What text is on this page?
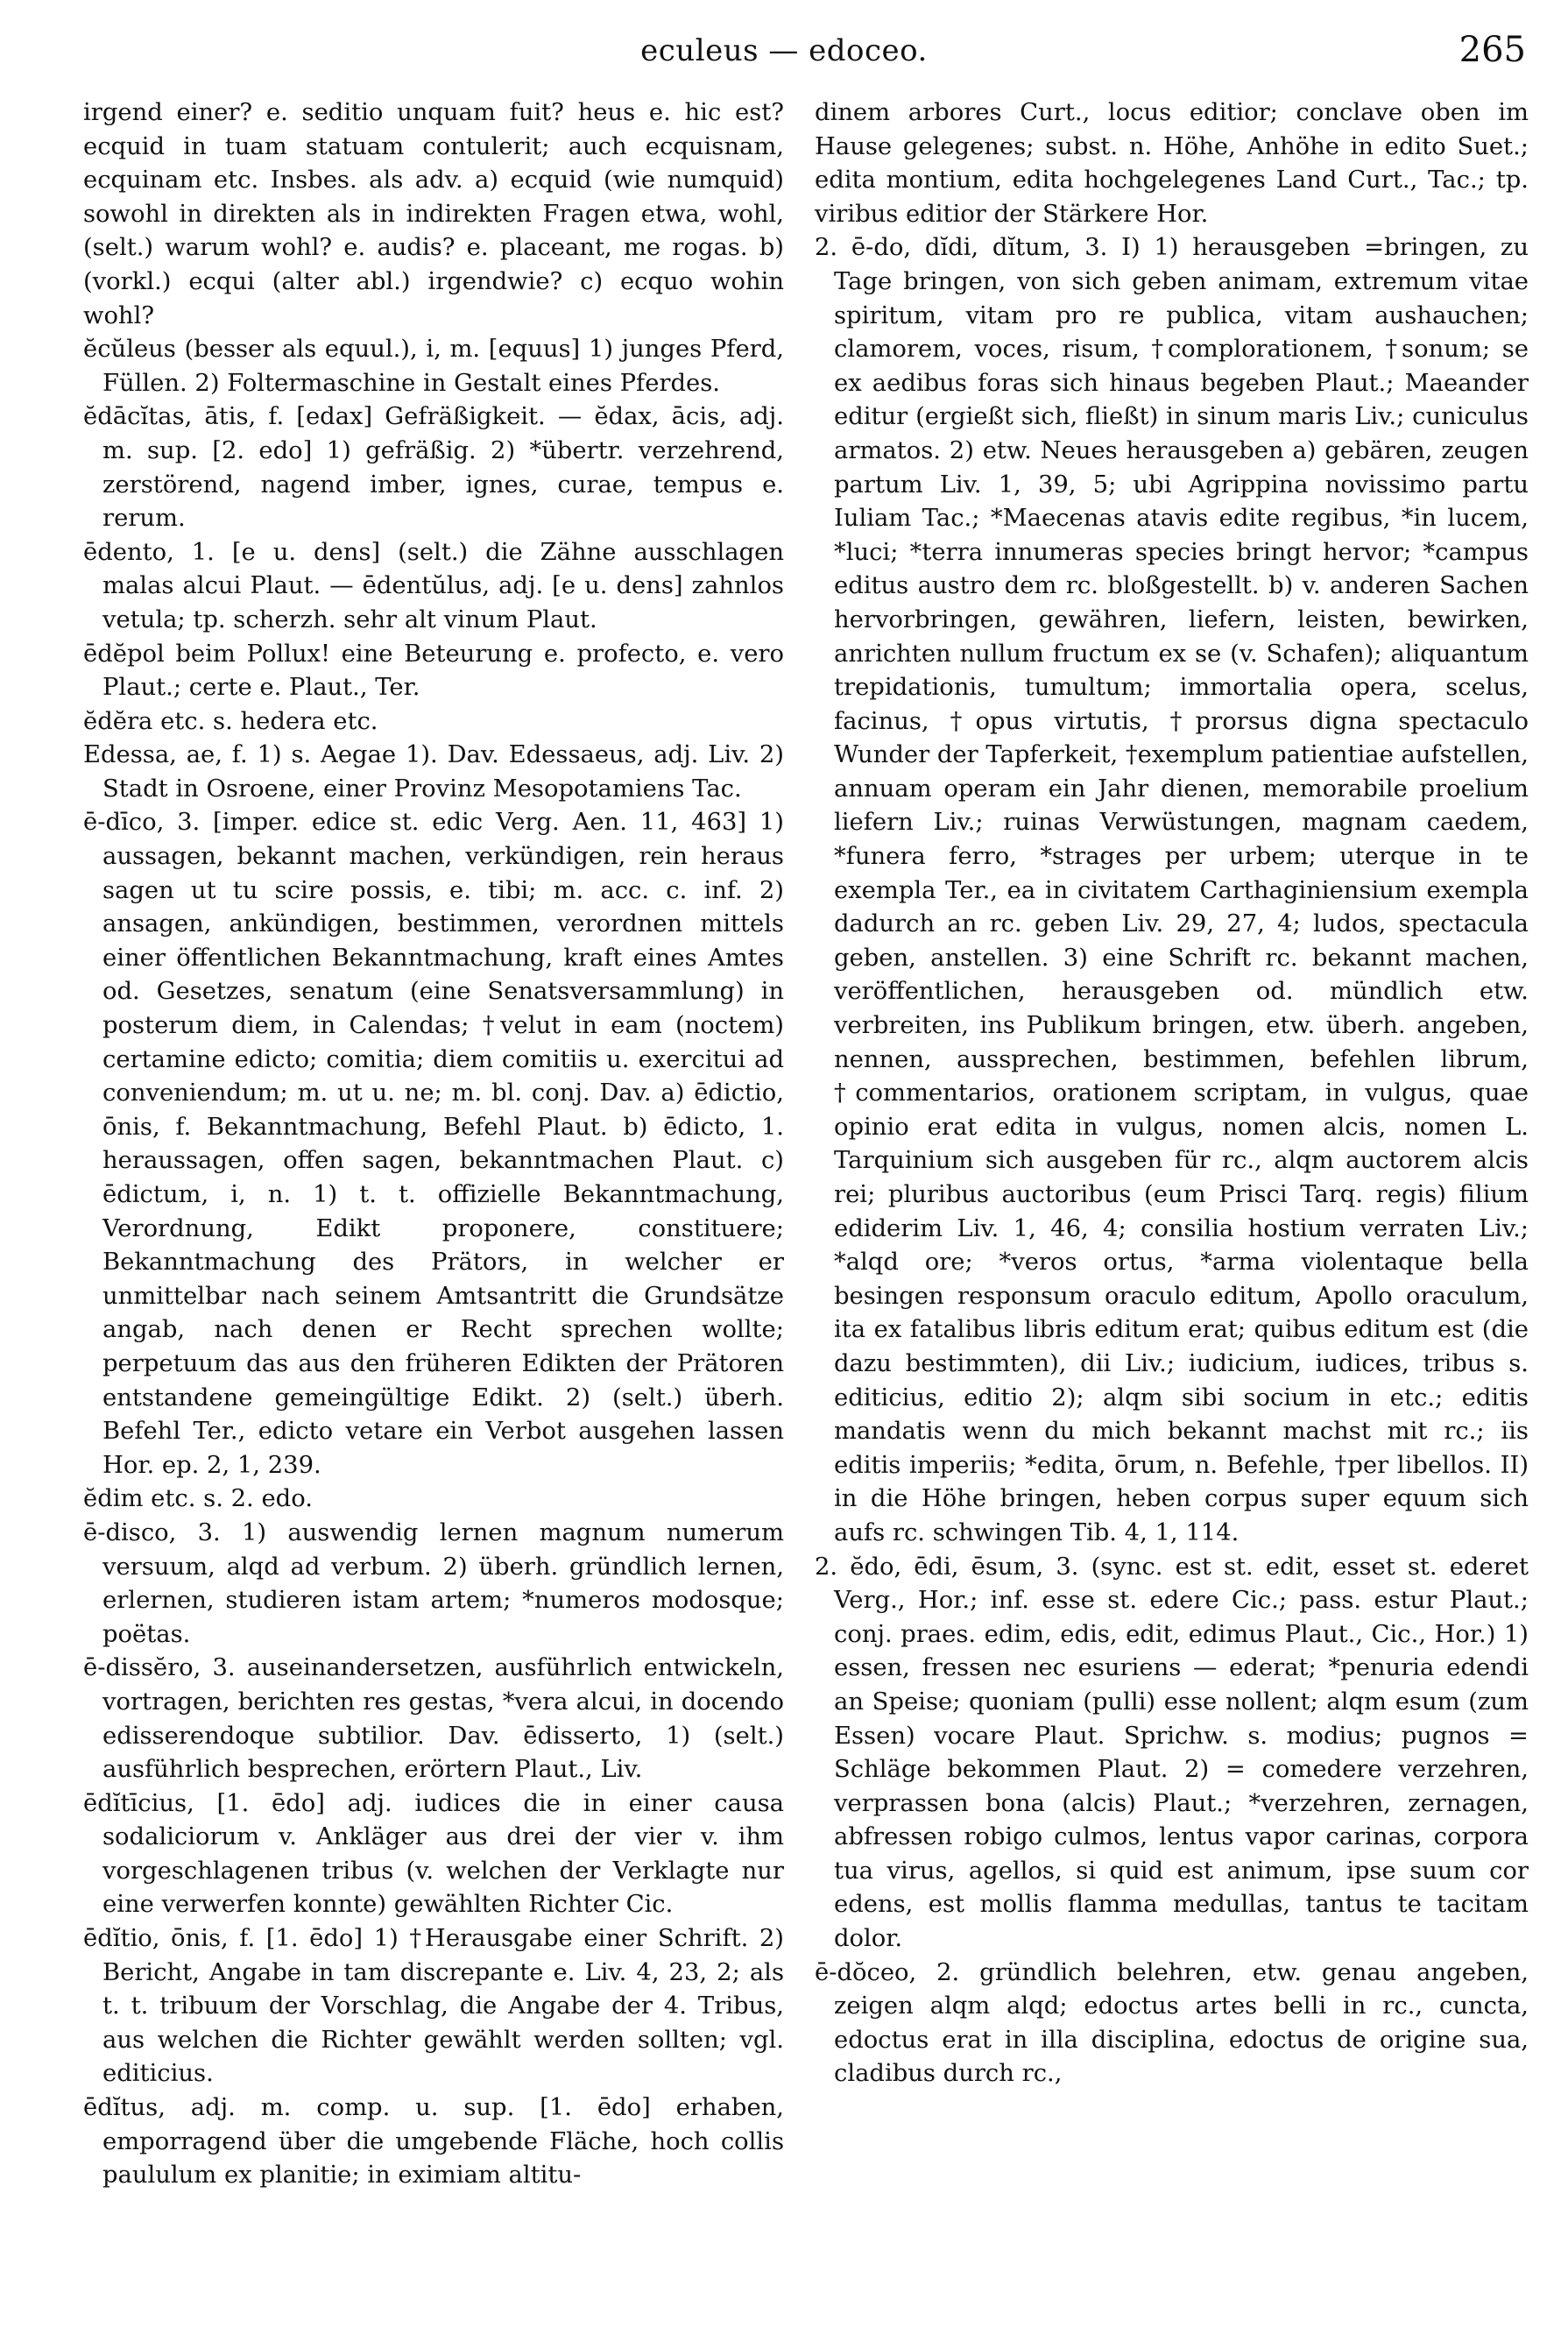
eculeus — edoceo.	265

irgend einer? e. seditio unquam fuit? heus e. hic est? ecquid in tuam statuam contulerit; auch ecquisnam, ecquinam etc. Insbes. als adv. a) ecquid (wie numquid) sowohl in direkten als in indirekten Fragen etwa, wohl, (selt.) warum wohl? e. audis? e. placeant, me rogas. b) (vorkl.) ecqui (alter abl.) irgendwie? c) ecquo wohin wohl?

ĕcŭleus (besser als equul.), i, m. [equus] 1) junges Pferd, Füllen. 2) Foltermaschine in Gestalt eines Pferdes.

ĕdācĭtas, ātis, f. [edax] Gefräßigkeit. — ĕdax, ācis, adj. m. sup. [2. edo] 1) gefräßig. 2) *übertr. verzehrend, zerstörend, nagend imber, ignes, curae, tempus e. rerum.

ēdento, 1. [e u. dens] (selt.) die Zähne ausschlagen malas alcui Plaut. — ēdentŭlus, adj. [e u. dens] zahnlos vetula; tp. scherzh. sehr alt vinum Plaut.

ēdĕpol beim Pollux! eine Beteurung e. profecto, e. vero Plaut.; certe e. Plaut., Ter.

ĕdĕra etc. s. hedera etc.

Edessa, ae, f. 1) s. Aegae 1). Dav. Edessaeus, adj. Liv. 2) Stadt in Osroene, einer Provinz Mesopotamiens Tac.

ē-dīco, 3. [imper. edice st. edic Verg. Aen. 11, 463] 1) aussagen, bekannt machen, verkündigen, rein heraus sagen ut tu scire possis, e. tibi; m. acc. c. inf. 2) ansagen, ankündigen, bestimmen, verordnen mittels einer öffentlichen Bekanntmachung, kraft eines Amtes od. Gesetzes, senatum (eine Senatsversammlung) in posterum diem, in Calendas; †velut in eam (noctem) certamine edicto; comitia; diem comitiis u. exercitui ad conveniendum; m. ut u. ne; m. bl. conj. Dav. a) ēdictio, ōnis, f. Bekanntmachung, Befehl Plaut. b) ēdicto, 1. heraussagen, offen sagen, bekanntmachen Plaut. c) ēdictum, i, n. 1) t. t. offizielle Bekanntmachung, Verordnung, Edikt proponere, constituere; Bekanntmachung des Prätors, in welcher er unmittelbar nach seinem Amtsantritt die Grundsätze angab, nach denen er Recht sprechen wollte; perpetuum das aus den früheren Edikten der Prätoren entstandene gemeingültige Edikt. 2) (selt.) überh. Befehl Ter., edicto vetare ein Verbot ausgehen lassen Hor. ep. 2, 1, 239.

ĕdim etc. s. 2. edo.

ē-disco, 3. 1) auswendig lernen magnum numerum versuum, alqd ad verbum. 2) überh. gründlich lernen, erlernen, studieren istam artem; *numeros modosque; poëtas.

ē-dissĕro, 3. auseinandersetzen, ausführlich entwickeln, vortragen, berichten res gestas, *vera alcui, in docendo edisserendoque subtilior. Dav. ēdisserto, 1) (selt.) ausführlich besprechen, erörtern Plaut., Liv.

ēdĭtīcius, [1. ēdo] adj. iudices die in einer causa sodaliciorum v. Ankläger aus drei der vier v. ihm vorgeschlagenen tribus (v. welchen der Verklagte nur eine verwerfen konnte) gewählten Richter Cic.

ēdĭtio, ōnis, f. [1. ēdo] 1) †Herausgabe einer Schrift. 2) Bericht, Angabe in tam discrepante e. Liv. 4, 23, 2; als t. t. tribuum der Vorschlag, die Angabe der 4. Tribus, aus welchen die Richter gewählt werden sollten; vgl. editicius.

ēdĭtus, adj. m. comp. u. sup. [1. ēdo] erhaben, emporragend über die umgebende Fläche, hoch collis paululum ex planitie; in eximiam altitu-

dinem arbores Curt., locus editior; conclave oben im Hause gelegenes; subst. n. Höhe, Anhöhe in edito Suet.; edita montium, edita hochgelegenes Land Curt., Tac.; tp. viribus editior der Stärkere Hor.

2. ē-do, dĭdi, dĭtum, 3. I) 1) herausgeben =bringen, zu Tage bringen, von sich geben animam, extremum vitae spiritum, vitam pro re publica, vitam aushauchen; clamorem, voces, risum, †complorationem, †sonum; se ex aedibus foras sich hinaus begeben Plaut.; Maeander editur (ergießt sich, fließt) in sinum maris Liv.; cuniculus armatos. 2) etw. Neues herausgeben a) gebären, zeugen partum Liv. 1, 39, 5; ubi Agrippina novissimo partu Iuliam Tac.; *Maecenas atavis edite regibus, *in lucem, *luci; *terra innumeras species bringt hervor; *campus editus austro dem rc. bloßgestellt. b) v. anderen Sachen hervorbringen, gewähren, liefern, leisten, bewirken, anrichten nullum fructum ex se (v. Schafen); aliquantum trepidationis, tumultum; immortalia opera, scelus, facinus, †opus virtutis, †prorsus digna spectaculo Wunder der Tapferkeit, †exemplum patientiae aufstellen, annuam operam ein Jahr dienen, memorabile proelium liefern Liv.; ruinas Verwüstungen, magnam caedem, *funera ferro, *strages per urbem; uterque in te exempla Ter., ea in civitatem Carthaginiensium exempla dadurch an rc. geben Liv. 29, 27, 4; ludos, spectacula geben, anstellen. 3) eine Schrift rc. bekannt machen, veröffentlichen, herausgeben od. mündlich etw. verbreiten, ins Publikum bringen, etw. überh. angeben, nennen, aussprechen, bestimmen, befehlen librum, †commentarios, orationem scriptam, in vulgus, quae opinio erat edita in vulgus, nomen alcis, nomen L. Tarquinium sich ausgeben für rc., alqm auctorem alcis rei; pluribus auctoribus (eum Prisci Tarq. regis) filium ediderim Liv. 1, 46, 4; consilia hostium verraten Liv.; *alqd ore; *veros ortus, *arma violentaque bella besingen responsum oraculo editum, Apollo oraculum, ita ex fatalibus libris editum erat; quibus editum est (die dazu bestimmten), dii Liv.; iudicium, iudices, tribus s. editicius, editio 2); alqm sibi socium in etc.; editis mandatis wenn du mich bekannt machst mit rc.; iis editis imperiis; *edita, ōrum, n. Befehle, †per libellos. II) in die Höhe bringen, heben corpus super equum sich aufs rc. schwingen Tib. 4, 1, 114.

2. ĕdo, ēdi, ēsum, 3. (sync. est st. edit, esset st. ederet Verg., Hor.; inf. esse st. edere Cic.; pass. estur Plaut.; conj. praes. edim, edis, edit, edimus Plaut., Cic., Hor.) 1) essen, fressen nec esuriens — ederat; *penuria edendi an Speise; quoniam (pulli) esse nollent; alqm esum (zum Essen) vocare Plaut. Sprichw. s. modius; pugnos = Schläge bekommen Plaut. 2) = comedere verzehren, verprassen bona (alcis) Plaut.; *verzehren, zernagen, abfressen robigo culmos, lentus vapor carinas, corpora tua virus, agellos, si quid est animum, ipse suum cor edens, est mollis flamma medullas, tantus te tacitam dolor.

ē-dŏceo, 2. gründlich belehren, etw. genau angeben, zeigen alqm alqd; edoctus artes belli in rc., cuncta, edoctus erat in illa disciplina, edoctus de origine sua, cladibus durch rc.,
